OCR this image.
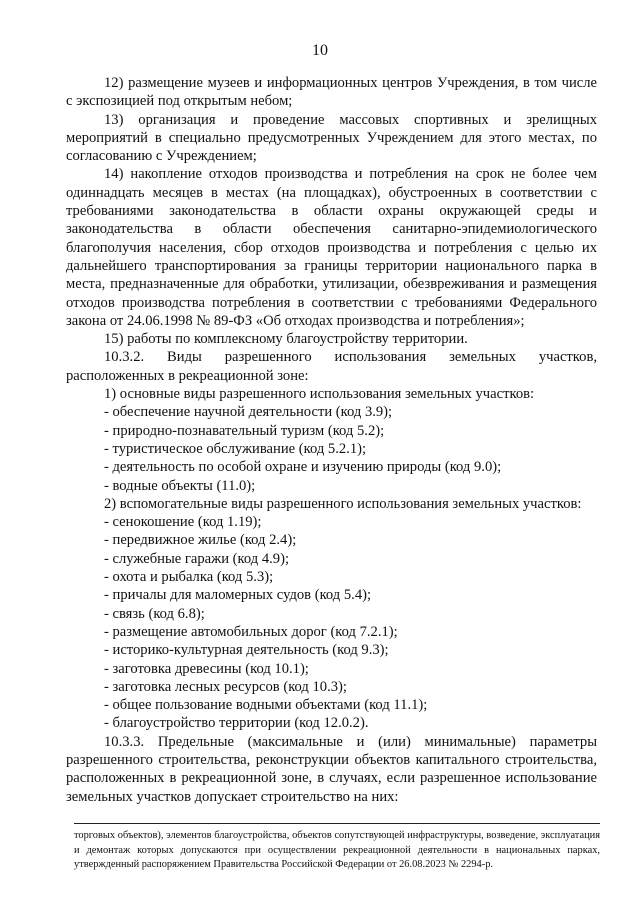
10

12) размещение музеев и информационных центров Учреждения, в том числе с экспозицией под открытым небом;

13) организация и проведение массовых спортивных и зрелищных мероприятий в специально предусмотренных Учреждением для этого местах, по согласованию с Учреждением;

14) накопление отходов производства и потребления на срок не более чем одиннадцать месяцев в местах (на площадках), обустроенных в соответствии с требованиями законодательства в области охраны окружающей среды и законодательства в области обеспечения санитарно-эпидемиологического благополучия населения, сбор отходов производства и потребления с целью их дальнейшего транспортирования за границы территории национального парка в места, предназначенные для обработки, утилизации, обезвреживания и размещения отходов производства потребления в соответствии с требованиями Федерального закона от 24.06.1998 № 89-ФЗ «Об отходах производства и потребления»;

15) работы по комплексному благоустройству территории.

10.3.2. Виды разрешенного использования земельных участков, расположенных в рекреационной зоне:

1) основные виды разрешенного использования земельных участков:

- обеспечение научной деятельности (код 3.9);

- природно-познавательный туризм (код 5.2);

- туристическое обслуживание (код 5.2.1);

- деятельность по особой охране и изучению природы (код 9.0);

- водные объекты (11.0);

2) вспомогательные виды разрешенного использования земельных участков:

- сенокошение (код 1.19);

- передвижное жилье (код 2.4);

- служебные гаражи (код 4.9);

- охота и рыбалка (код 5.3);

- причалы для маломерных судов (код 5.4);

- связь (код 6.8);

- размещение автомобильных дорог (код 7.2.1);

- историко-культурная деятельность (код 9.3);

- заготовка древесины (код 10.1);

- заготовка лесных ресурсов (код 10.3);

- общее пользование водными объектами (код 11.1);

- благоустройство территории (код 12.0.2).

10.3.3. Предельные (максимальные и (или) минимальные) параметры разрешенного строительства, реконструкции объектов капитального строительства, расположенных в рекреационной зоне, в случаях, если разрешенное использование земельных участков допускает строительство на них:

торговых объектов), элементов благоустройства, объектов сопутствующей инфраструктуры, возведение, эксплуатация и демонтаж которых допускаются при осуществлении рекреационной деятельности в национальных парках, утвержденный распоряжением Правительства Российской Федерации от 26.08.2023 № 2294-р.
